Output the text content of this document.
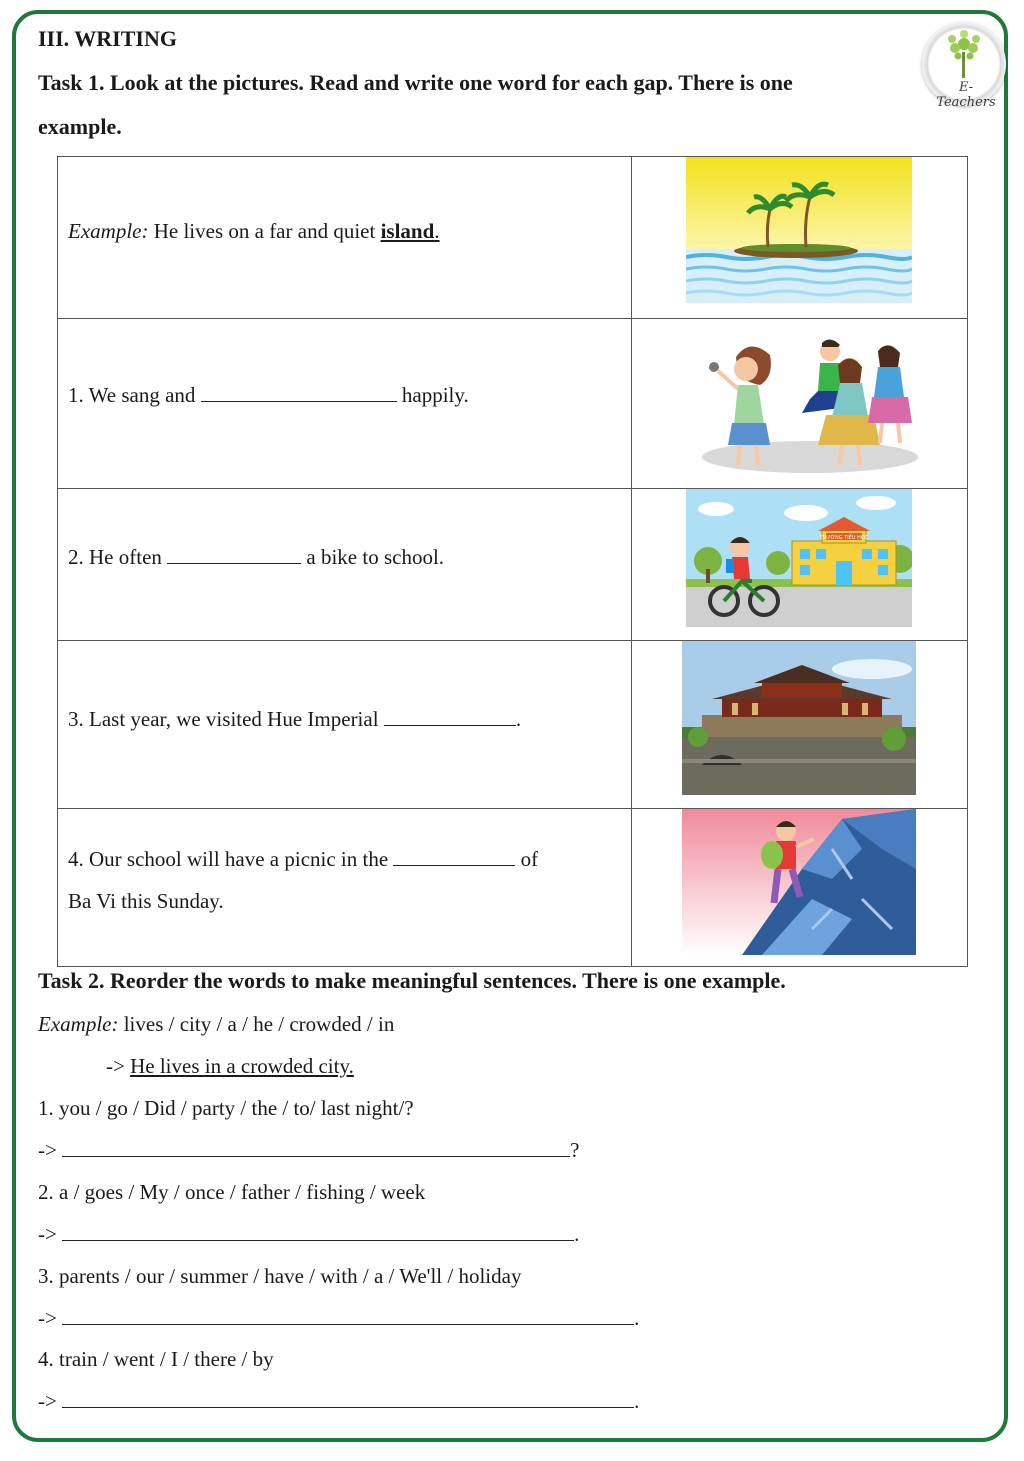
E-Teachers
III. WRITING
Task 1. Look at the pictures. Read and write one word for each gap. There is one
example.
Example: He lives on a far and quiet island.

1. We sang and happily.

2. He often a bike to school.	TRƯỜNG TIỂU HỌC

3. Last year, we visited Hue Imperial .

4. Our school will have a picnic in the of
Ba Vi this Sunday.

Task 2. Reorder the words to make meaningful sentences. There is one example.
Example: lives / city / a / he / crowded / in
-> He lives in a crowded city.
1. you / go / Did / party / the / to/ last night/?
->	?
2. a / goes / My / once / father / fishing / week
->	.
3. parents / our / summer / have / with / a / We'll / holiday
->	.
4. train / went / I / there / by
->	.
